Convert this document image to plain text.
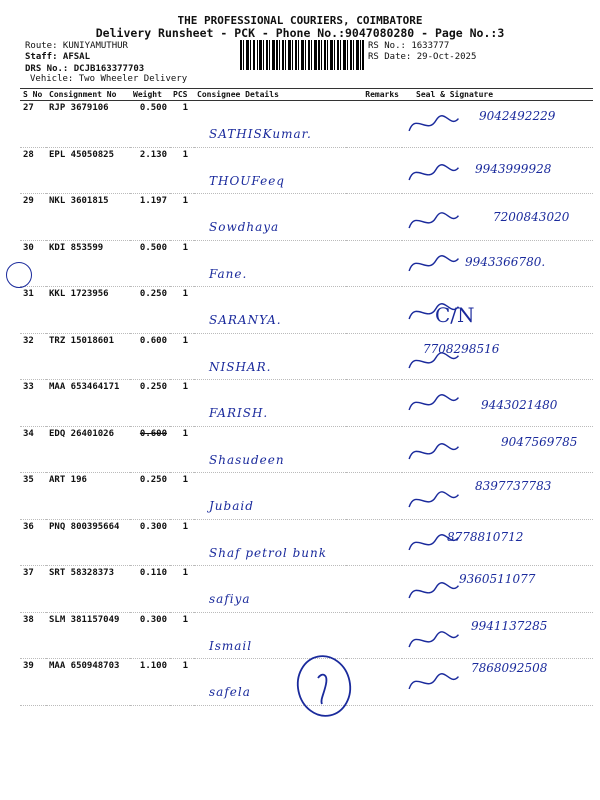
THE PROFESSIONAL COURIERS, COIMBATORE
Delivery Runsheet - PCK - Phone No.:9047080280 - Page No.:3
Route: KUNIYAMUTHUR
Staff: AFSAL
DRS No.: DCJB163377703
Vehicle: Two Wheeler Delivery
RS No.: 1633777
RS Date: 29-Oct-2025
S No	Consignment No	Weight	PCS	Consignee Details	Remarks	Seal & Signature
27	RJP 3679106	0.500	1	SATHISKumar.		9042492229

28	EPL 45050825	2.130	1	THOUFeeq		9943999928

29	NKL 3601815	1.197	1	Sowdhaya		7200843020

30	KDI 853599	0.500	1	Fane.		9943366780.

31	KKL 1723956	0.250	1	SARANYA.		C/N

32	TRZ 15018601	0.600	1	NISHAR.		7708298516

33	MAA 653464171	0.250	1	FARISH.		9443021480

34	EDQ 26401026	0.600	1	Shasudeen		9047569785

35	ART 196	0.250	1	Jubaid		8397737783

36	PNQ 800395664	0.300	1	Shaf petrol bunk		8778810712

37	SRT 58328373	0.110	1	safiya		9360511077

38	SLM 381157049	0.300	1	Ismail		9941137285

39	MAA 650948703	1.100	1	safela		7868092508
